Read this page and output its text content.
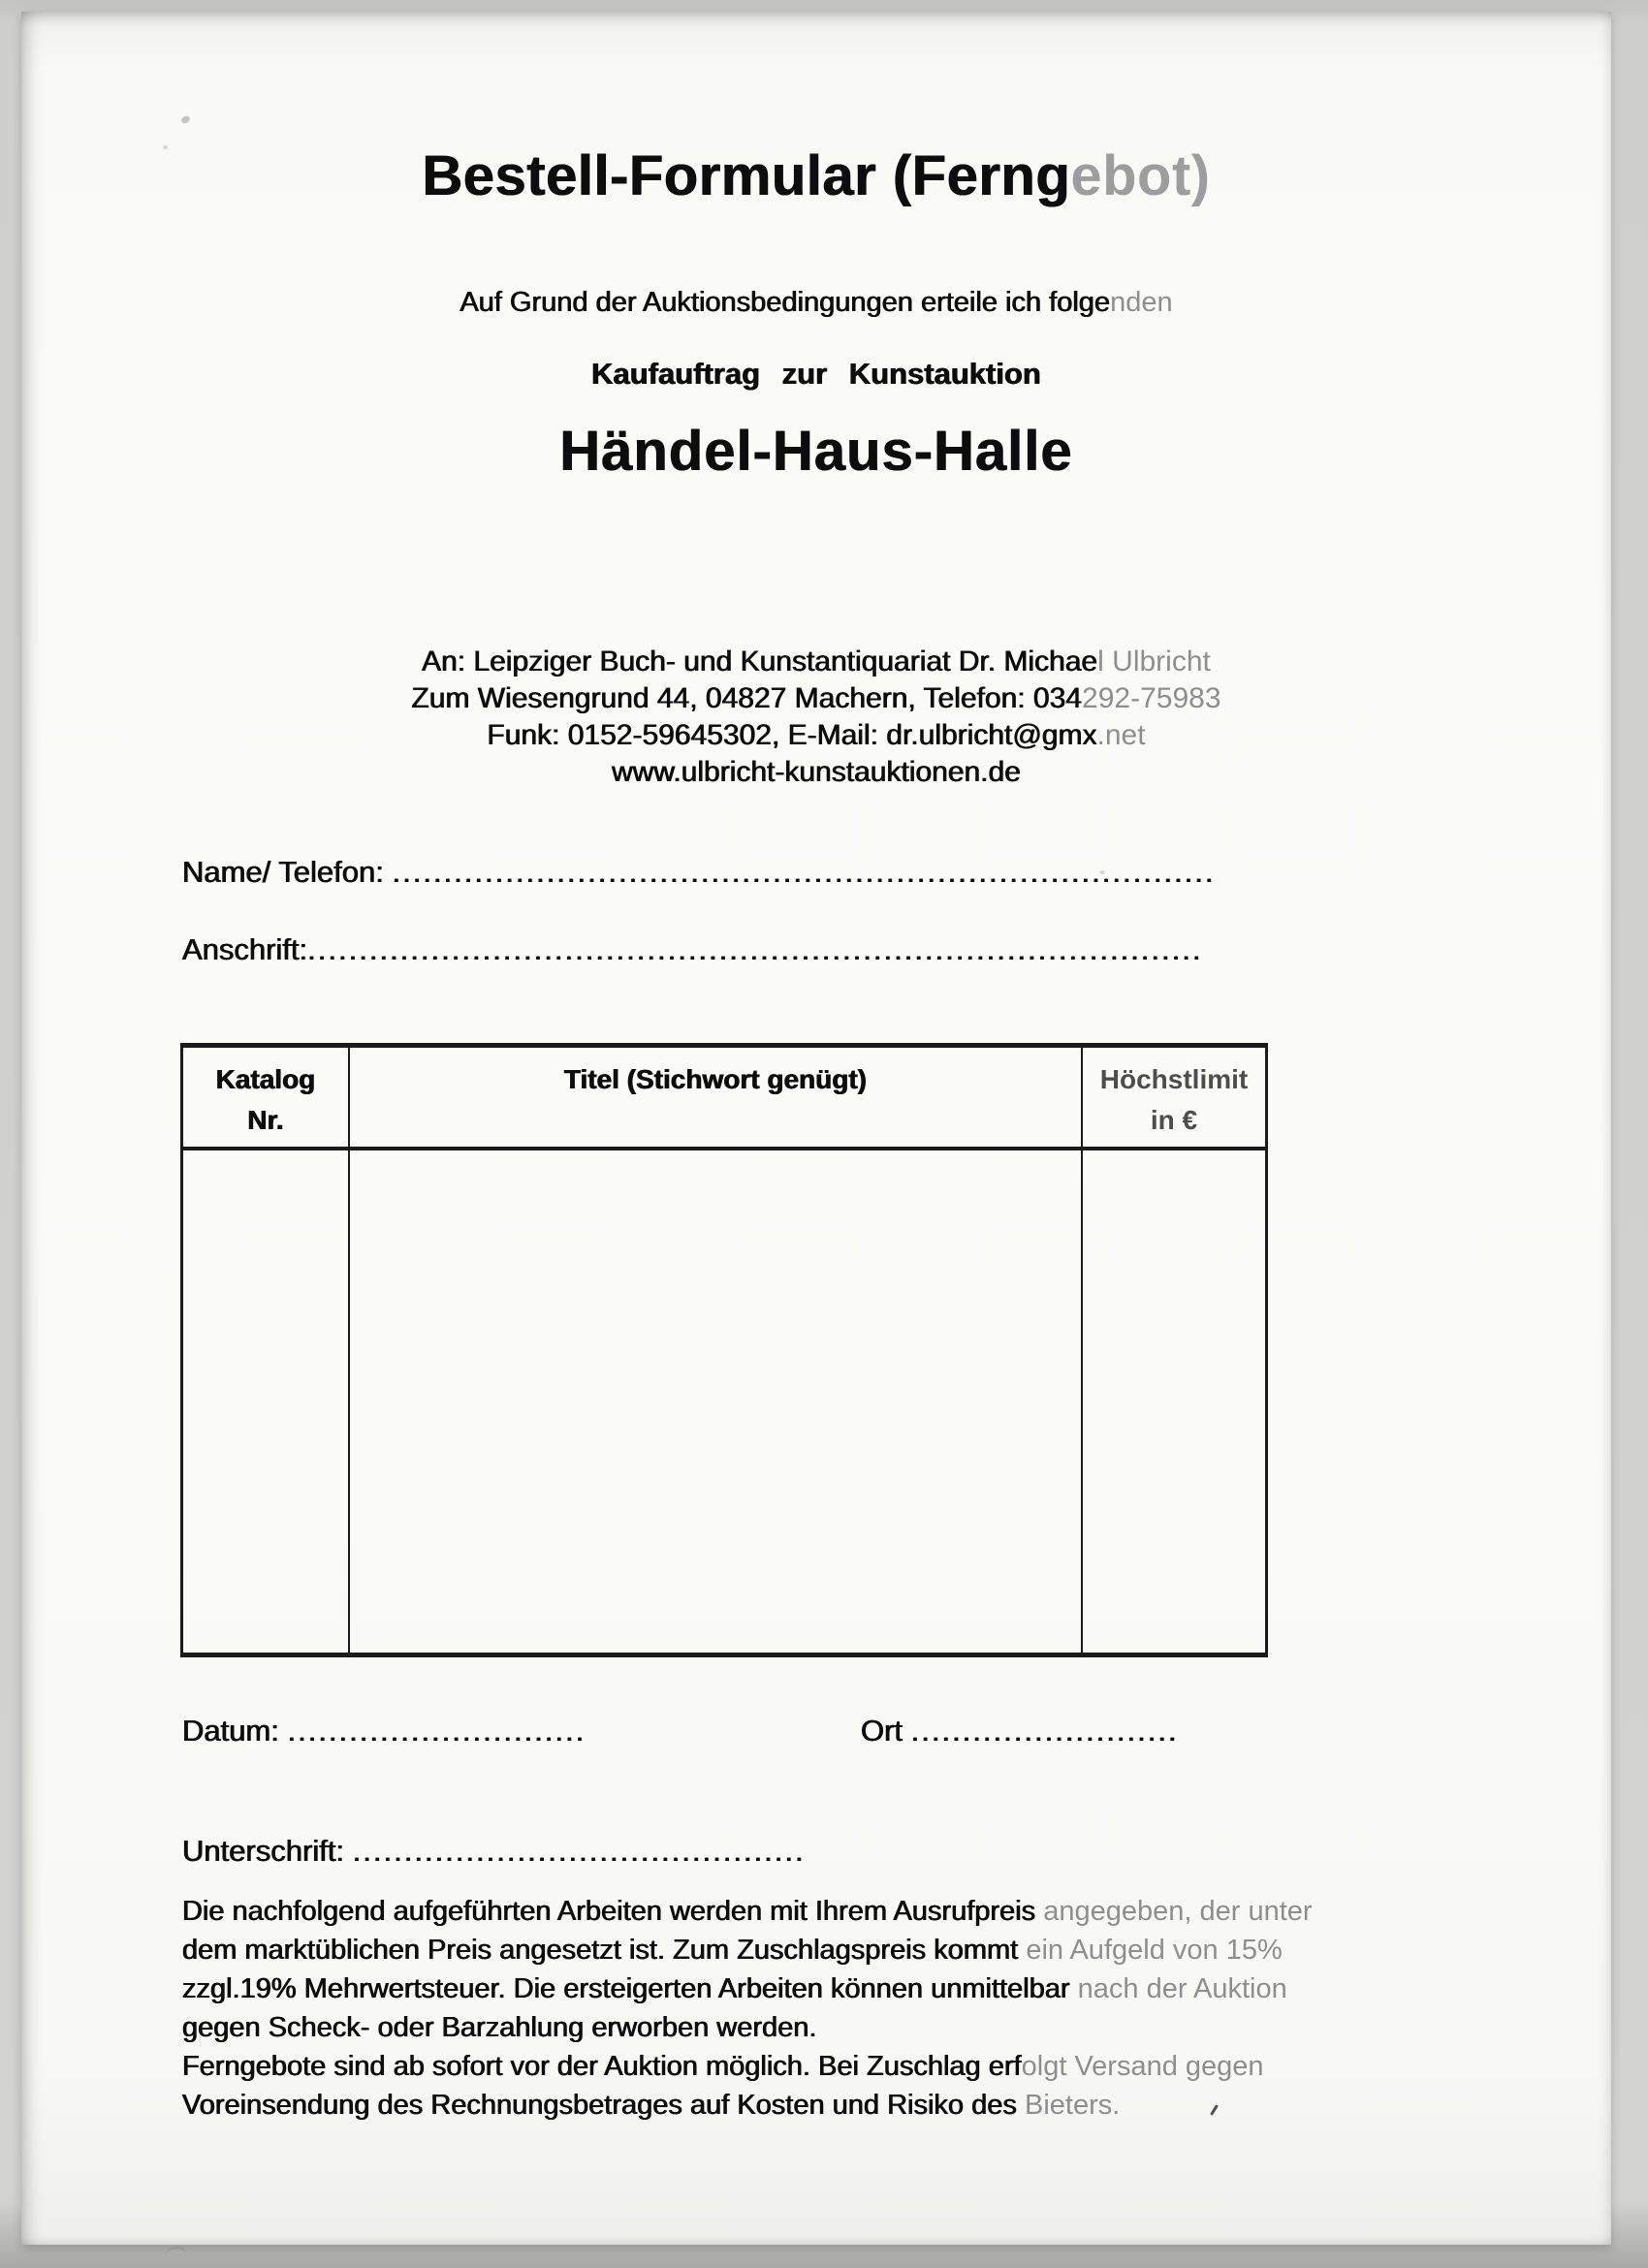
Bestell-Formular (Ferngebot)
Auf Grund der Auktionsbedingungen erteile ich folgenden
Kaufauftrag zur Kunstauktion
Händel-Haus-Halle
An: Leipziger Buch- und Kunstantiquariat Dr. Michael Ulbricht
Zum Wiesengrund 44, 04827 Machern, Telefon: 034292-75983
Funk: 0152-59645302, E-Mail: dr.ulbricht@gmx.net
www.ulbricht-kunstauktionen.de
Name/ Telefon: ................................................................................
Anschrift:.......................................................................................
Katalog
Nr.
Titel (Stichwort genügt)	Höchstlimit
in €
Datum: .............................	Ort ..........................
Unterschrift: ............................................
Die nachfolgend aufgeführten Arbeiten werden mit Ihrem Ausrufpreis angegeben, der unter
dem marktüblichen Preis angesetzt ist. Zum Zuschlagspreis kommt ein Aufgeld von 15%
zzgl.19% Mehrwertsteuer. Die ersteigerten Arbeiten können unmittelbar nach der Auktion
gegen Scheck- oder Barzahlung erworben werden.
Ferngebote sind ab sofort vor der Auktion möglich. Bei Zuschlag erfolgt Versand gegen
Voreinsendung des Rechnungsbetrages auf Kosten und Risiko des Bieters.
